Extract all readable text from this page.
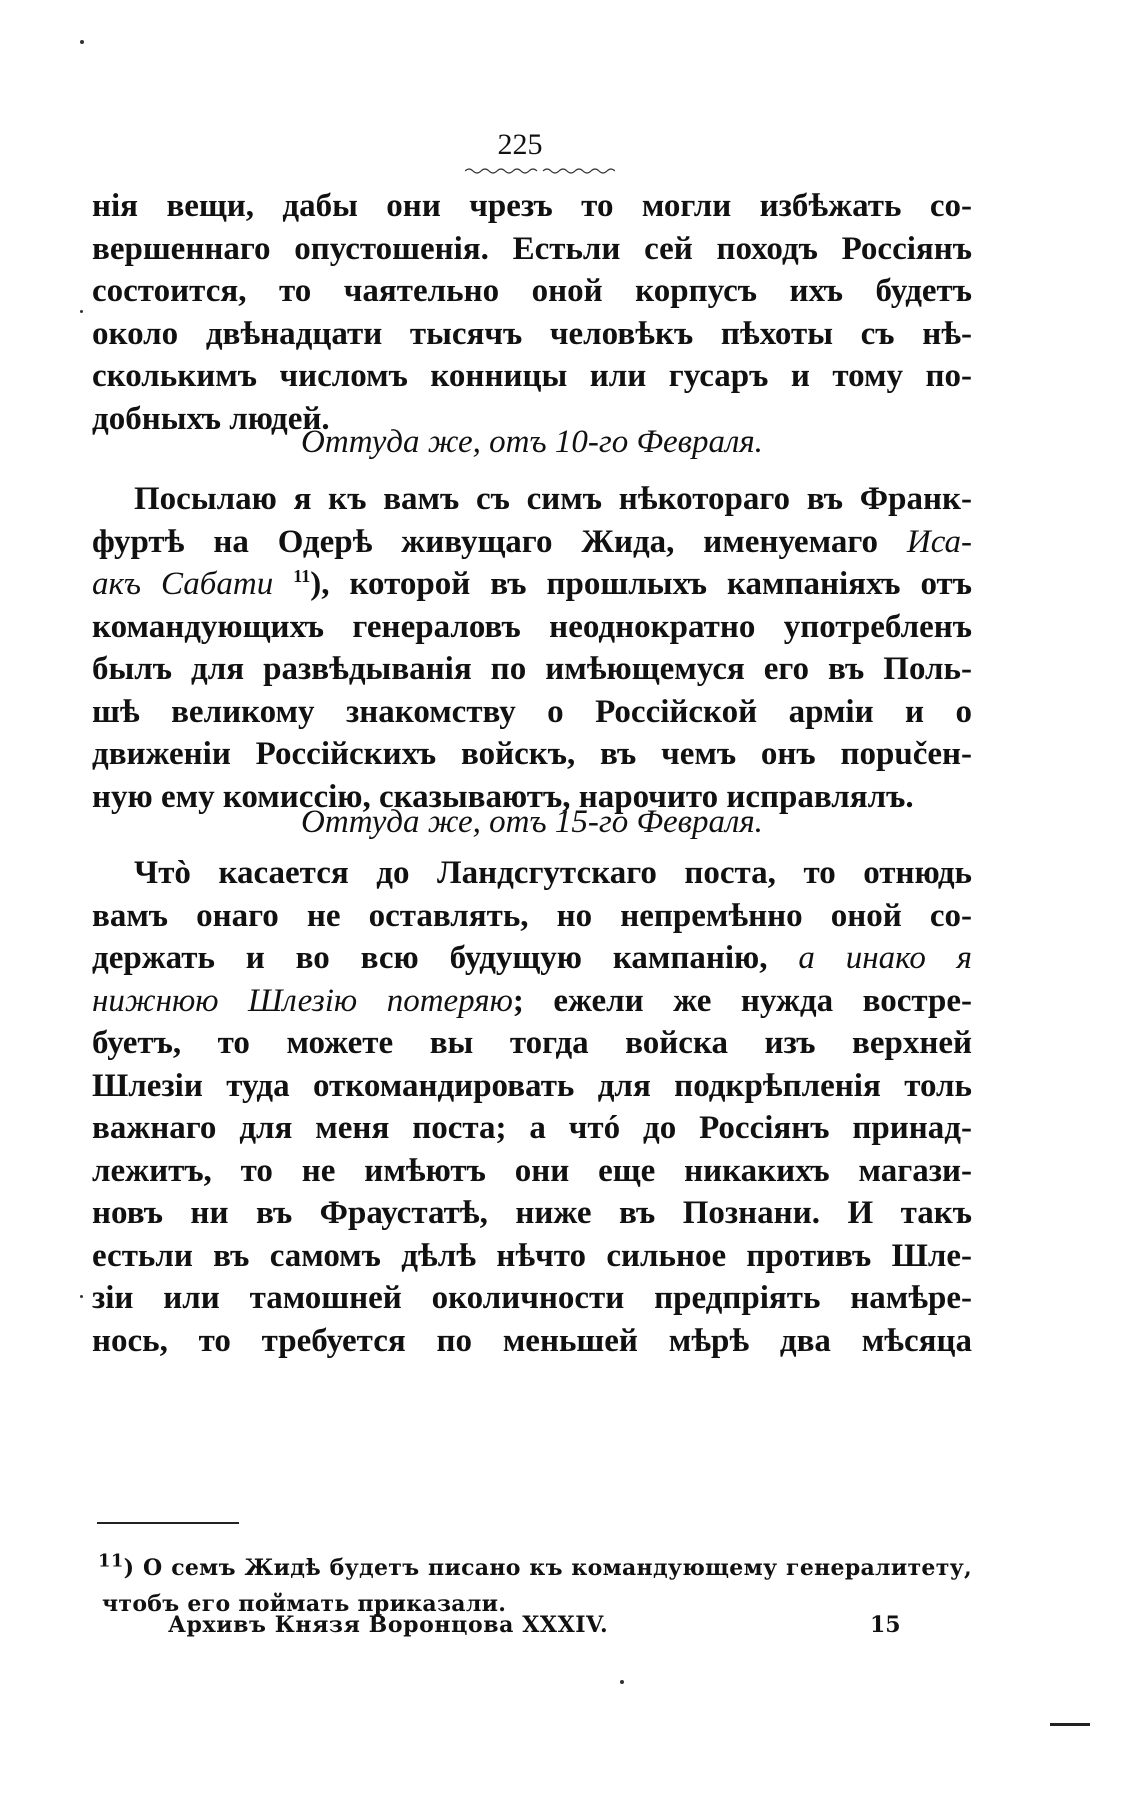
225
нія вещи, дабы они чрезъ то могли избѣжать со-
вершеннаго опустошенія. Естьли сей походъ Россіянъ
состоится, то чаятельно оной корпусъ ихъ будетъ
около двѣнадцати тысячъ человѣкъ пѣхоты съ нѣ-
сколькимъ числомъ конницы или гусаръ и тому по-
добныхъ людей.
Оттуда же, отъ 10-го Февраля.
Посылаю я къ вамъ съ симъ нѣкотораго въ Франк-
фуртѣ на Одерѣ живущаго Жида, именуемаго Иса-
акъ Сабати $^{11}$), которой въ прошлыхъ кампаніяхъ отъ
командующихъ генераловъ неоднократно употребленъ
былъ для развѣдыванія по имѣющемуся его въ Поль-
шѣ великому знакомству о Россійской арміи и о
движеніи Россійскихъ войскъ, въ чемъ онъ порučен-
ную ему комиссію, сказываютъ, нарочито исправлялъ.
Оттуда же, отъ 15-го Февраля.
Чтò касается до Ландсгутскаго поста, то отнюдь
вамъ онаго не оставлять, но непремѣнно оной со-
держать и во всю будущую кампанію, а инако я
нижнюю Шлезію потеряю; ежели же нужда востре-
буетъ, то можете вы тогда войска изъ верхней
Шлезіи туда откомандировать для подкрѣпленія толь
важнаго для меня поста; а чтó до Россіянъ принад-
лежитъ, то не имѣютъ они еще никакихъ магази-
новъ ни въ Фраустатѣ, ниже въ Познани. И такъ
естьли въ самомъ дѣлѣ нѣчто сильное противъ Шле-
зіи или тамошней околичности предпріять намѣре-
нось, то требуется по меньшей мѣрѣ два мѣсяца
$^{11}$) О семъ Жидѣ будетъ писано къ командующему генералитету,
чтобъ его поймать приказали.
Архивъ Князя Воронцова XXXIV.	15
